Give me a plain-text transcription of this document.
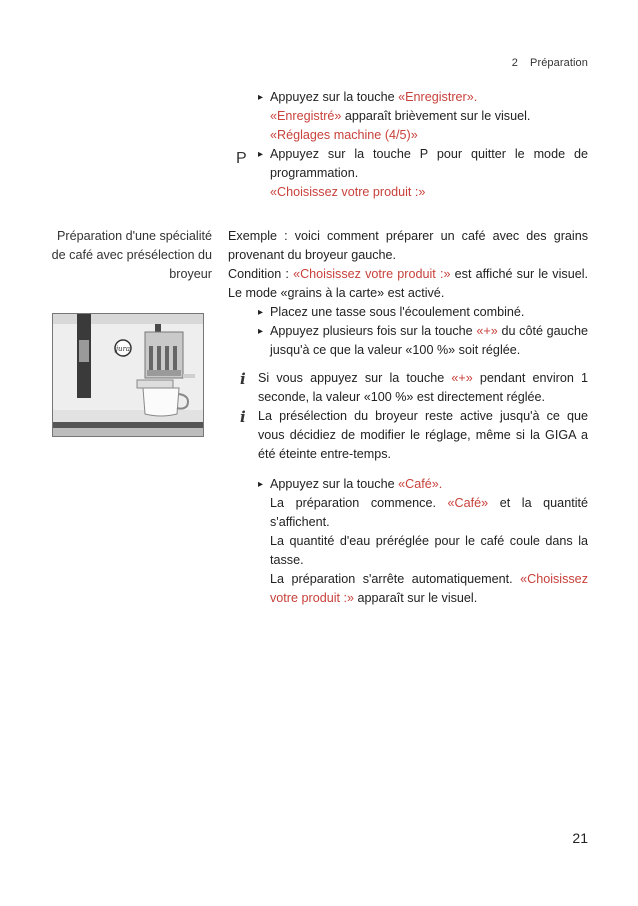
2 Préparation
▸ Appuyez sur la touche «Enregistrer».
«Enregistré» apparaît brièvement sur le visuel.
«Réglages machine (4/5)»
▸ Appuyez sur la touche P pour quitter le mode de programmation.
«Choisissez votre produit :»
P
Préparation d'une spécialité de café avec présélection du broyeur
jura
Exemple : voici comment préparer un café avec des grains provenant du broyeur gauche.
Condition : «Choisissez votre produit :» est affiché sur le visuel. Le mode «grains à la carte» est activé.
▸ Placez une tasse sous l'écoulement combiné.
▸ Appuyez plusieurs fois sur la touche «+» du côté gauche jusqu'à ce que la valeur «100 %» soit réglée.
i Si vous appuyez sur la touche «+» pendant environ 1 seconde, la valeur «100 %» est directement réglée.
i La présélection du broyeur reste active jusqu'à ce que vous décidiez de modifier le réglage, même si la GIGA a été éteinte entre-temps.
▸ Appuyez sur la touche «Café».
La préparation commence. «Café» et la quantité s'affichent.
La quantité d'eau préréglée pour le café coule dans la tasse.
La préparation s'arrête automatiquement. «Choisissez votre produit :» apparaît sur le visuel.
21
